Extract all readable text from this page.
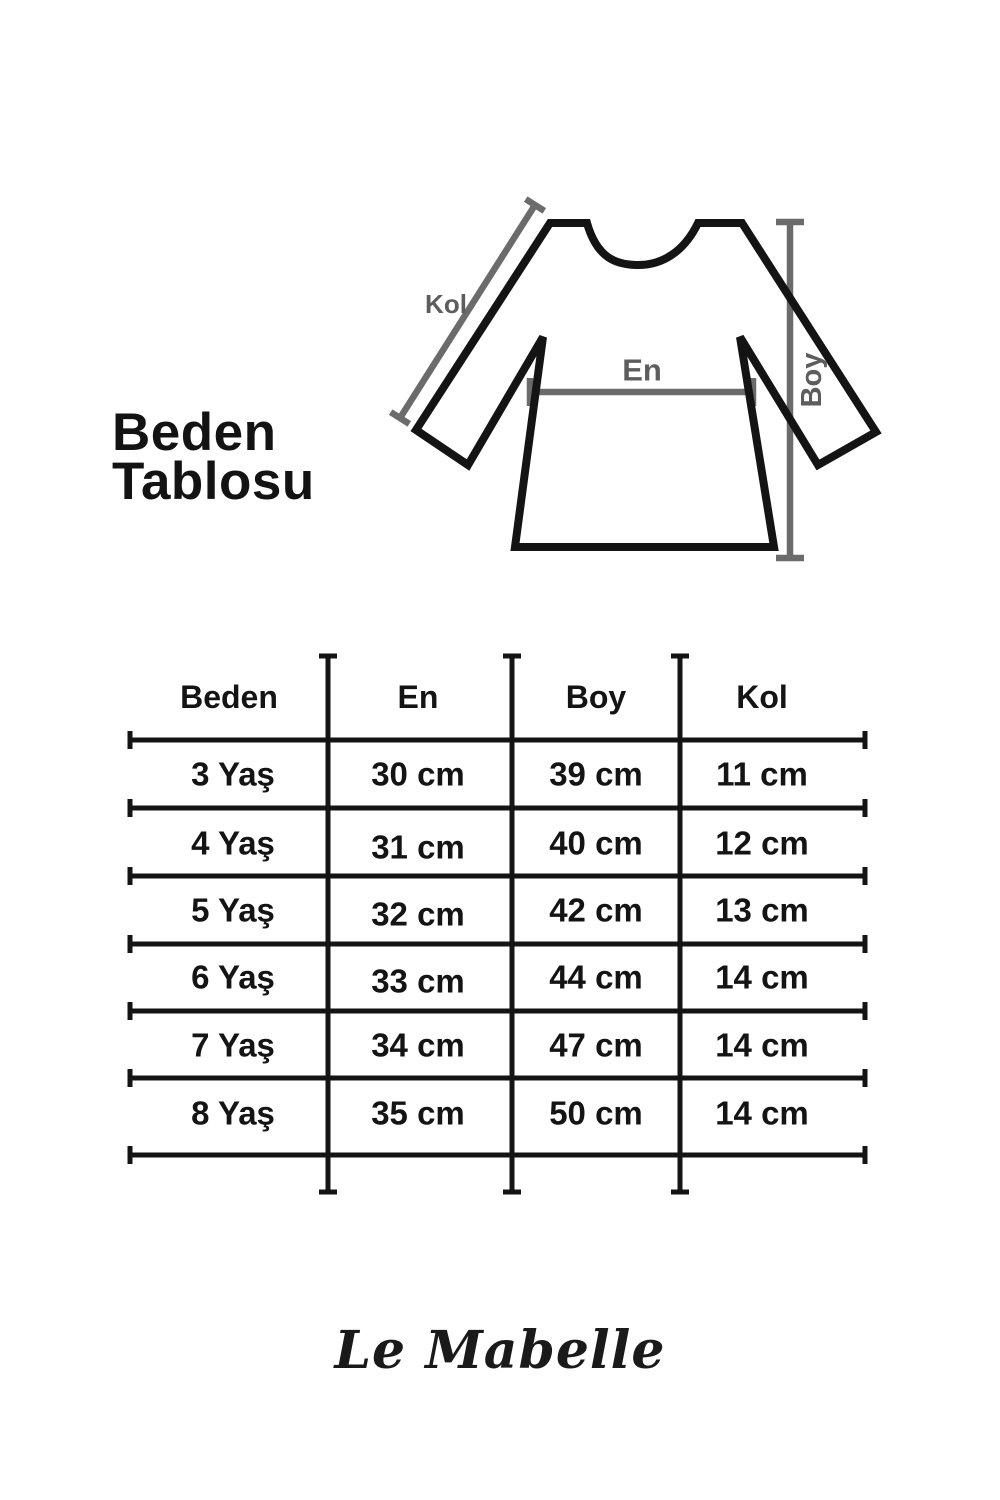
Beden
Tablosu
Kol
En	Boy
Beden	En	Boy	Kol
3 Yaş	30 cm	39 cm 11 cm
4 Yaş	31 cm	40 cm 12 cm
5 Yaş	32 cm	42 cm 13 cm
6 Yaş	33 cm	44 cm 14 cm
7 Yaş	34 cm	47 cm 14 cm
8 Yaş	35 cm	50 cm 14 cm
Le Mabelle
